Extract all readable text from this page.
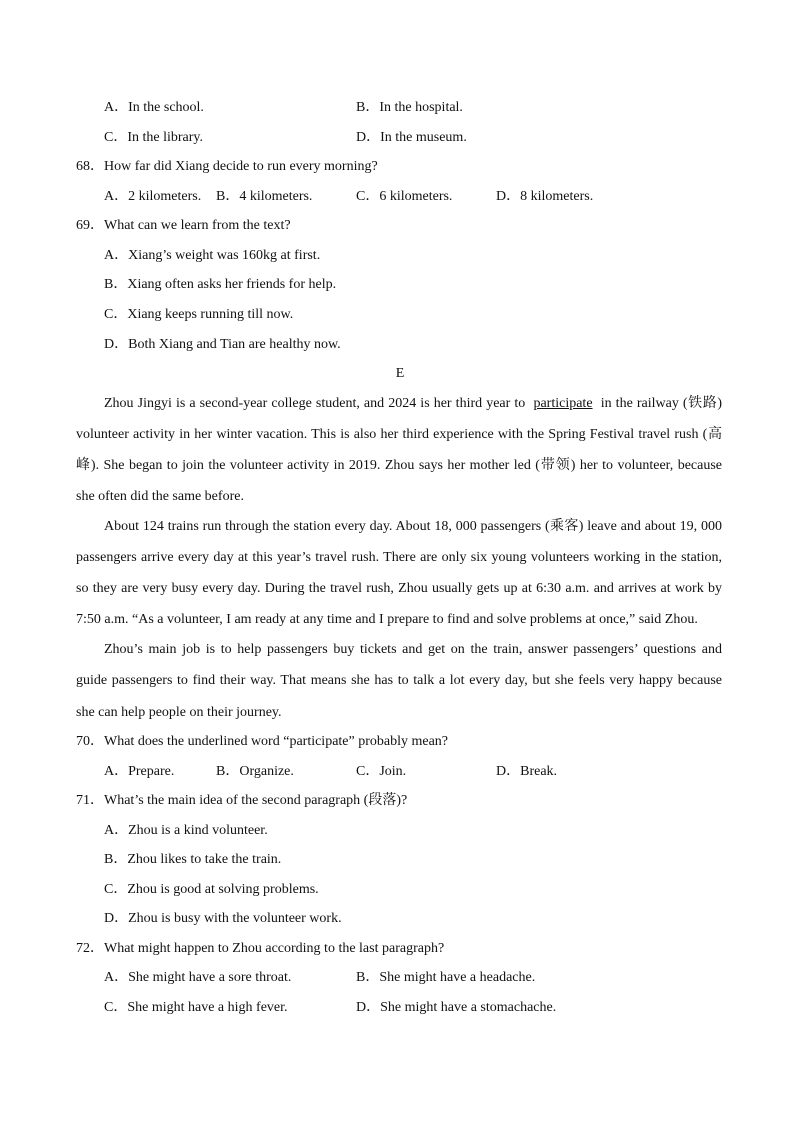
A．In the school.	B．In the hospital.
C．In the library.	D．In the museum.
68．How far did Xiang decide to run every morning?
A．2 kilometers. B．4 kilometers.	C．6 kilometers.	D．8 kilometers.
69．What can we learn from the text?
A．Xiang’s weight was 160kg at first.
B．Xiang often asks her friends for help.
C．Xiang keeps running till now.
D．Both Xiang and Tian are healthy now.
E
Zhou Jingyi is a second-year college student, and 2024 is her third year to participate in the railway (铁路)
volunteer activity in her winter vacation. This is also her third experience with the Spring Festival travel rush (高
峰). She began to join the volunteer activity in 2019. Zhou says her mother led (带领) her to volunteer, because
she often did the same before.
About 124 trains run through the station every day. About 18, 000 passengers (乘客) leave and about 19, 000
passengers arrive every day at this year’s travel rush. There are only six young volunteers working in the station,
so they are very busy every day. During the travel rush, Zhou usually gets up at 6:30 a.m. and arrives at work by
7:50 a.m. “As a volunteer, I am ready at any time and I prepare to find and solve problems at once,” said Zhou.
Zhou’s main job is to help passengers buy tickets and get on the train, answer passengers’ questions and
guide passengers to find their way. That means she has to talk a lot every day, but she feels very happy because
she can help people on their journey.
70．What does the underlined word “participate” probably mean?
A．Prepare.	B．Organize.	C．Join.	D．Break.
71．What’s the main idea of the second paragraph (段落)?
A．Zhou is a kind volunteer.
B．Zhou likes to take the train.
C．Zhou is good at solving problems.
D．Zhou is busy with the volunteer work.
72．What might happen to Zhou according to the last paragraph?
A．She might have a sore throat.	B．She might have a headache.
C．She might have a high fever.	D．She might have a stomachache.
